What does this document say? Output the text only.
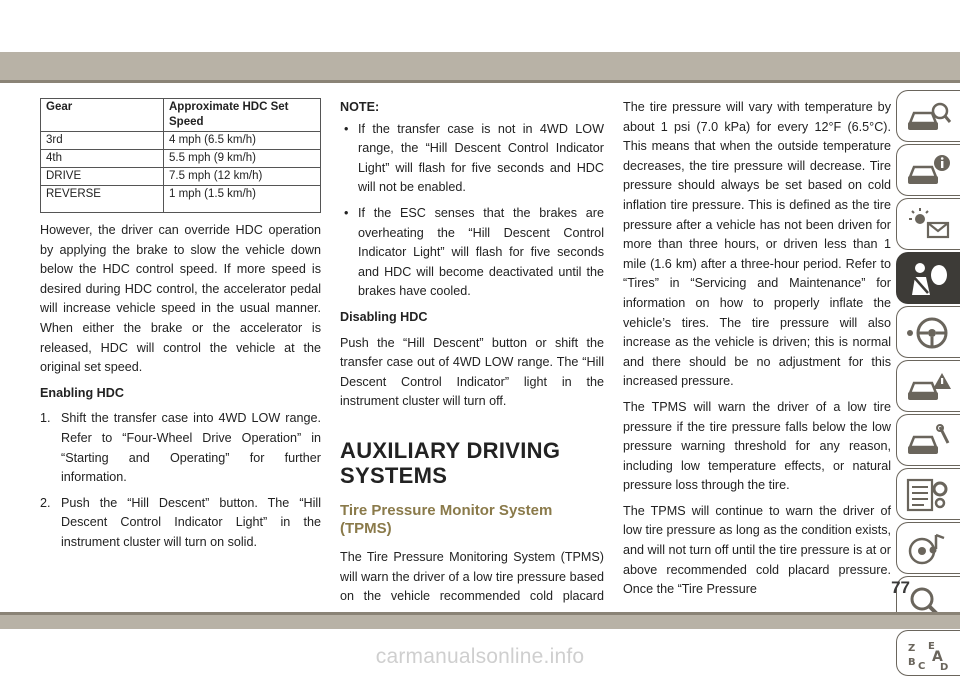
Gear	Approximate HDC Set Speed
3rd	4 mph (6.5 km/h)
4th	5.5 mph (9 km/h)
DRIVE	7.5 mph (12 km/h)
REVERSE	1 mph (1.5 km/h)

However, the driver can override HDC operation by applying the brake to slow the vehicle down below the HDC control speed. If more speed is desired during HDC control, the accelerator pedal will increase vehicle speed in the usual manner. When either the brake or the accelerator is released, HDC will control the vehicle at the original set speed.

Enabling HDC

1. Shift the transfer case into 4WD LOW range. Refer to “Four-Wheel Drive Operation” in “Starting and Operating” for further information.
2. Push the “Hill Descent” button. The “Hill Descent Control Indicator Light” in the instrument cluster will turn on solid.

NOTE:

• If the transfer case is not in 4WD LOW range, the “Hill Descent Control Indicator Light” will flash for five seconds and HDC will not be enabled.
• If the ESC senses that the brakes are overheating the “Hill Descent Control Indicator Light” will flash for five seconds and HDC will become deactivated until the brakes have cooled.

Disabling HDC

Push the “Hill Descent” button or shift the transfer case out of 4WD LOW range. The “Hill Descent Control Indicator” light in the instrument cluster will turn off.

AUXILIARY DRIVING SYSTEMS
Tire Pressure Monitor System (TPMS)

The Tire Pressure Monitoring System (TPMS) will warn the driver of a low tire pressure based on the vehicle recommended cold placard

The tire pressure will vary with temperature by about 1 psi (7.0 kPa) for every 12°F (6.5°C). This means that when the outside temperature decreases, the tire pressure will decrease. Tire pressure should always be set based on cold inflation tire pressure. This is defined as the tire pressure after a vehicle has not been driven for more than three hours, or driven less than 1 mile (1.6 km) after a three-hour period. Refer to “Tires” in “Servicing and Maintenance” for information on how to properly inflate the vehicle’s tires. The tire pressure will also increase as the vehicle is driven; this is normal and there should be no adjustment for this increased pressure.

The TPMS will warn the driver of a low tire pressure if the tire pressure falls below the low pressure warning threshold for any reason, including low temperature effects, or natural pressure loss through the tire.

The TPMS will continue to warn the driver of low tire pressure as long as the condition exists, and will not turn off until the tire pressure is at or above recommended cold placard pressure. Once the “Tire Pressure

Z E
B C
A
D
77
carmanualsonline.info
